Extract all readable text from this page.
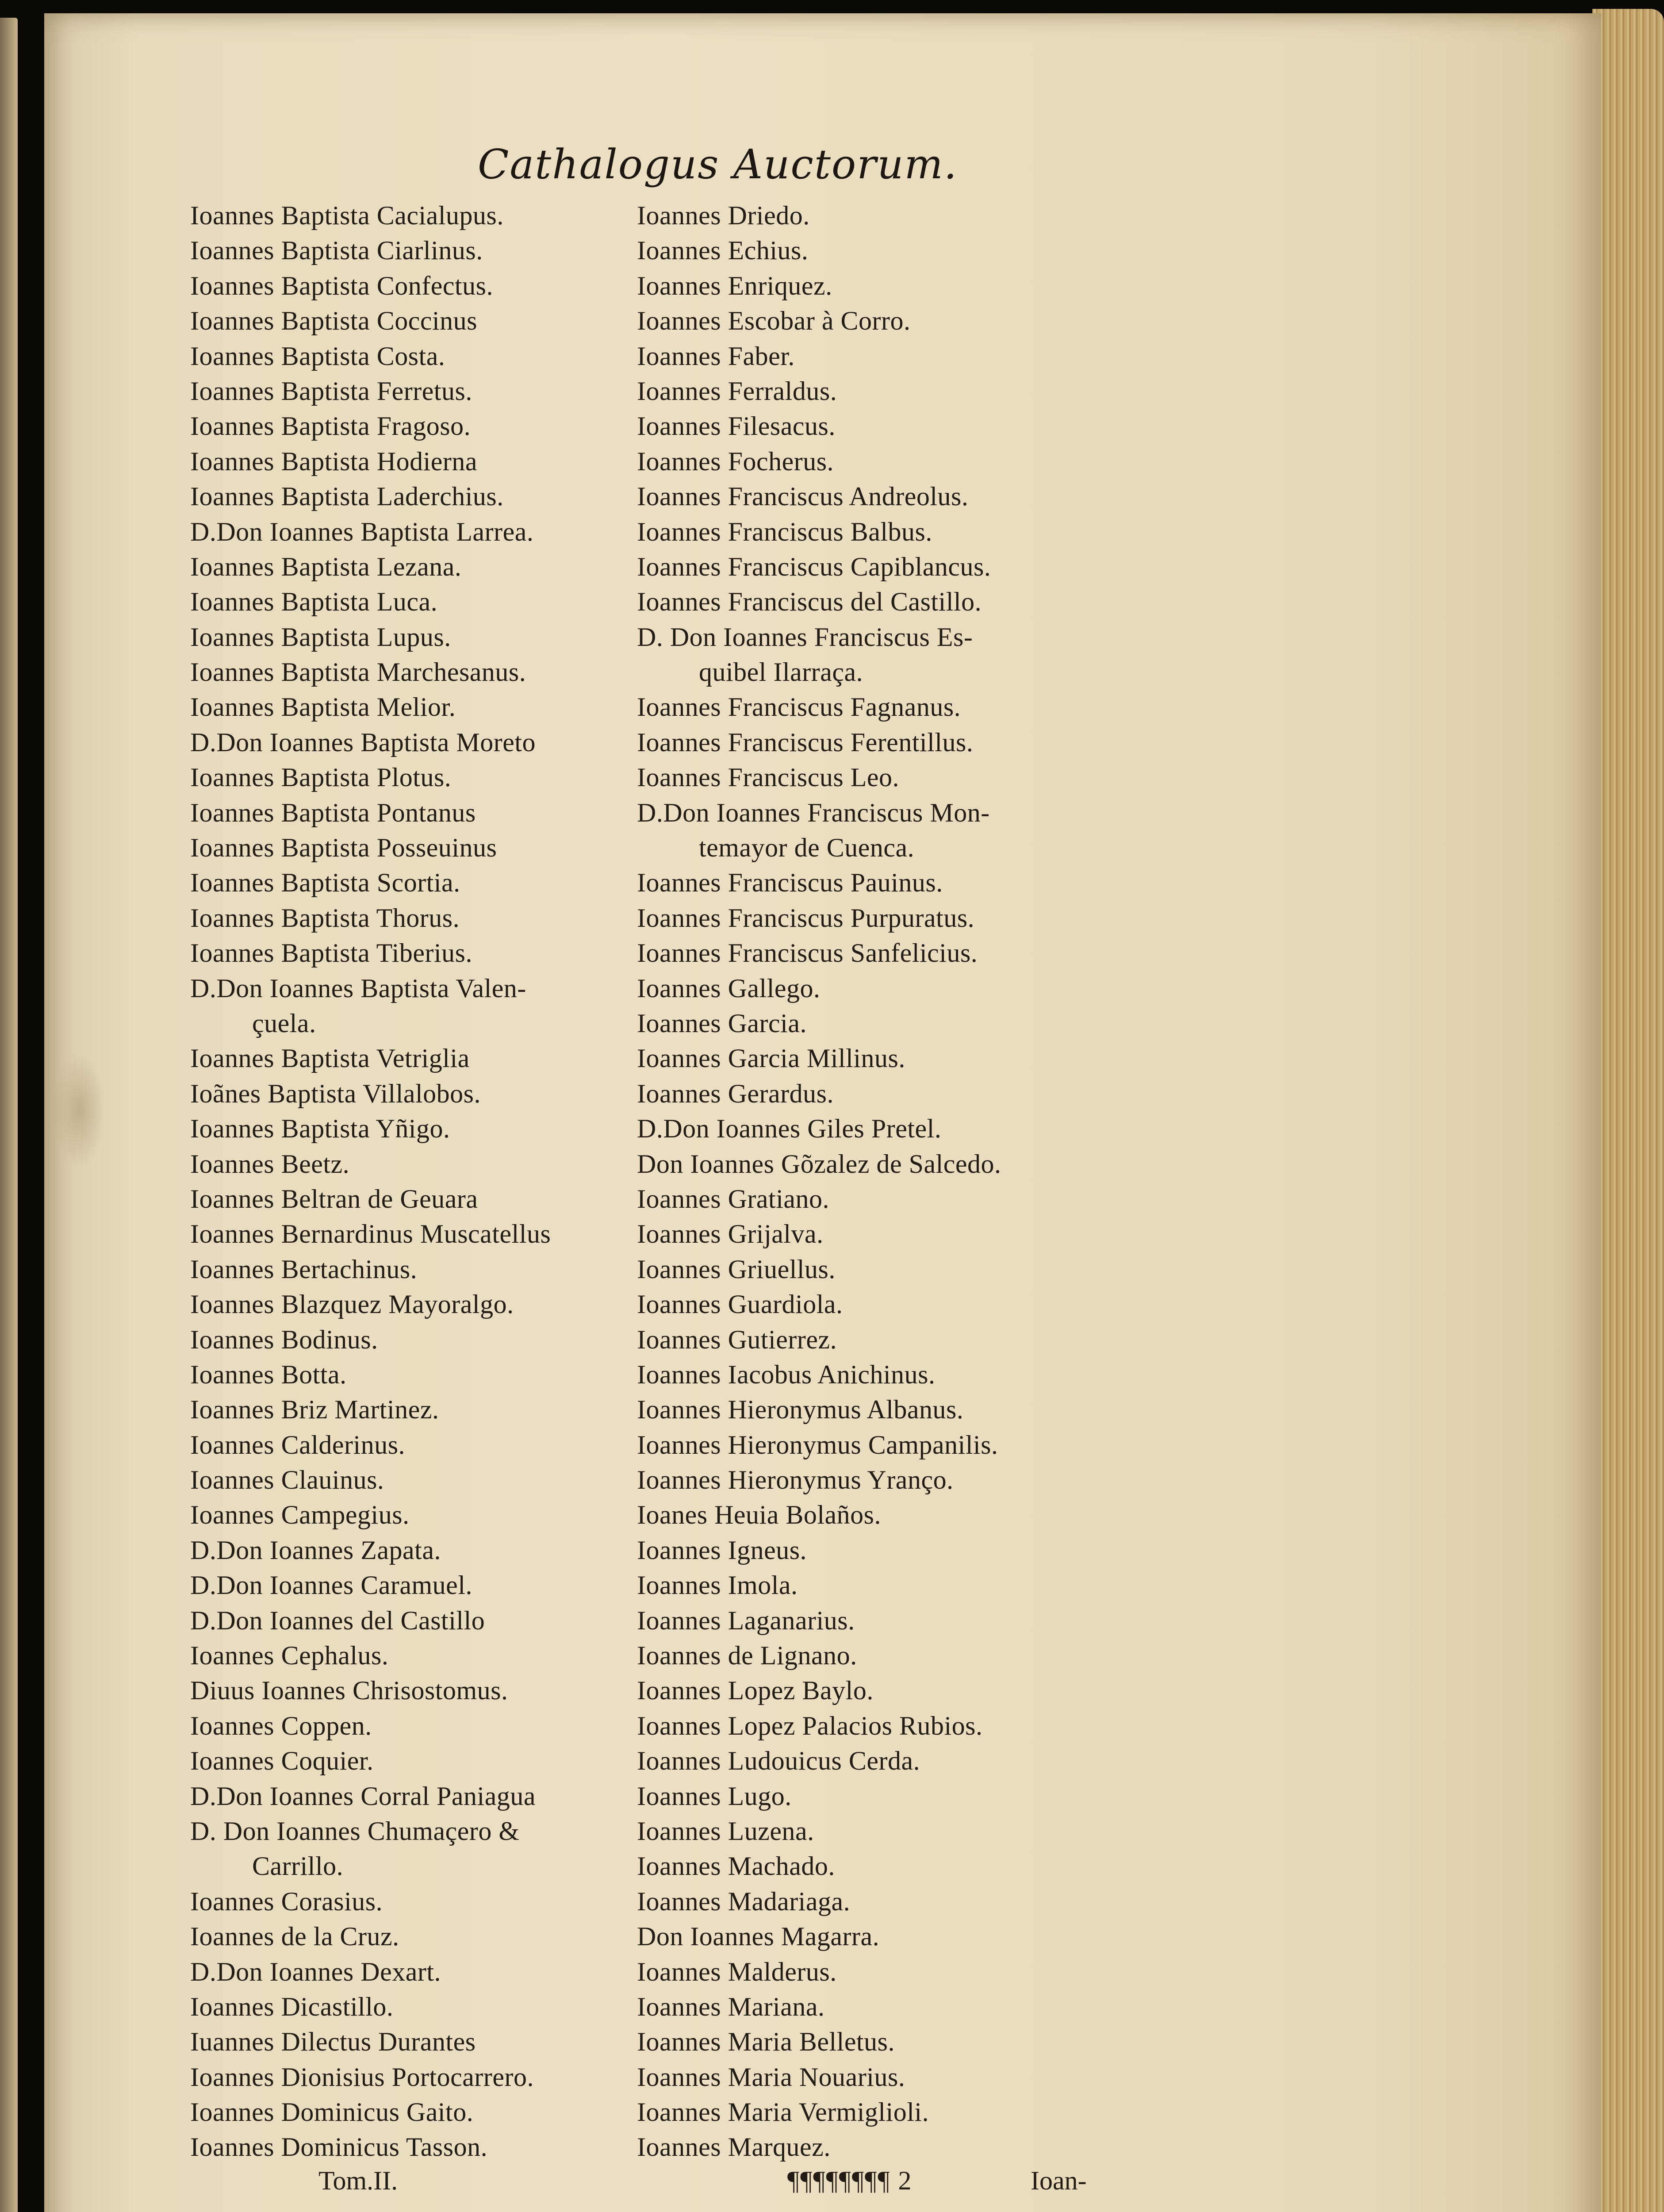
Cathalogus Auctorum.
Ioannes Baptista Cacialupus.
Ioannes Baptista Ciarlinus.
Ioannes Baptista Confectus.
Ioannes Baptista Coccinus
Ioannes Baptista Costa.
Ioannes Baptista Ferretus.
Ioannes Baptista Fragoso.
Ioannes Baptista Hodierna
Ioannes Baptista Laderchius.
D.Don Ioannes Baptista Larrea.
Ioannes Baptista Lezana.
Ioannes Baptista Luca.
Ioannes Baptista Lupus.
Ioannes Baptista Marchesanus.
Ioannes Baptista Melior.
D.Don Ioannes Baptista Moreto
Ioannes Baptista Plotus.
Ioannes Baptista Pontanus
Ioannes Baptista Posseuinus
Ioannes Baptista Scortia.
Ioannes Baptista Thorus.
Ioannes Baptista Tiberius.
D.Don Ioannes Baptista Valen-
çuela.
Ioannes Baptista Vetriglia
Ioãnes Baptista Villalobos.
Ioannes Baptista Yñigo.
Ioannes Beetz.
Ioannes Beltran de Geuara
Ioannes Bernardinus Muscatellus
Ioannes Bertachinus.
Ioannes Blazquez Mayoralgo.
Ioannes Bodinus.
Ioannes Botta.
Ioannes Briz Martinez.
Ioannes Calderinus.
Ioannes Clauinus.
Ioannes Campegius.
D.Don Ioannes Zapata.
D.Don Ioannes Caramuel.
D.Don Ioannes del Castillo
Ioannes Cephalus.
Diuus Ioannes Chrisostomus.
Ioannes Coppen.
Ioannes Coquier.
D.Don Ioannes Corral Paniagua
D. Don Ioannes Chumaçero &
Carrillo.
Ioannes Corasius.
Ioannes de la Cruz.
D.Don Ioannes Dexart.
Ioannes Dicastillo.
Iuannes Dilectus Durantes
Ioannes Dionisius Portocarrero.
Ioannes Dominicus Gaito.
Ioannes Dominicus Tasson.
Ioannes Driedo.
Ioannes Echius.
Ioannes Enriquez.
Ioannes Escobar à Corro.
Ioannes Faber.
Ioannes Ferraldus.
Ioannes Filesacus.
Ioannes Focherus.
Ioannes Franciscus Andreolus.
Ioannes Franciscus Balbus.
Ioannes Franciscus Capiblancus.
Ioannes Franciscus del Castillo.
D. Don Ioannes Franciscus Es-
quibel Ilarraça.
Ioannes Franciscus Fagnanus.
Ioannes Franciscus Ferentillus.
Ioannes Franciscus Leo.
D.Don Ioannes Franciscus Mon-
temayor de Cuenca.
Ioannes Franciscus Pauinus.
Ioannes Franciscus Purpuratus.
Ioannes Franciscus Sanfelicius.
Ioannes Gallego.
Ioannes Garcia.
Ioannes Garcia Millinus.
Ioannes Gerardus.
D.Don Ioannes Giles Pretel.
Don Ioannes Gõzalez de Salcedo.
Ioannes Gratiano.
Ioannes Grijalva.
Ioannes Griuellus.
Ioannes Guardiola.
Ioannes Gutierrez.
Ioannes Iacobus Anichinus.
Ioannes Hieronymus Albanus.
Ioannes Hieronymus Campanilis.
Ioannes Hieronymus Yranço.
Ioanes Heuia Bolaños.
Ioannes Igneus.
Ioannes Imola.
Ioannes Laganarius.
Ioannes de Lignano.
Ioannes Lopez Baylo.
Ioannes Lopez Palacios Rubios.
Ioannes Ludouicus Cerda.
Ioannes Lugo.
Ioannes Luzena.
Ioannes Machado.
Ioannes Madariaga.
Don Ioannes Magarra.
Ioannes Malderus.
Ioannes Mariana.
Ioannes Maria Belletus.
Ioannes Maria Nouarius.
Ioannes Maria Vermiglioli.
Ioannes Marquez.
Tom.II.	¶¶¶¶¶¶¶¶ 2	Ioan-
